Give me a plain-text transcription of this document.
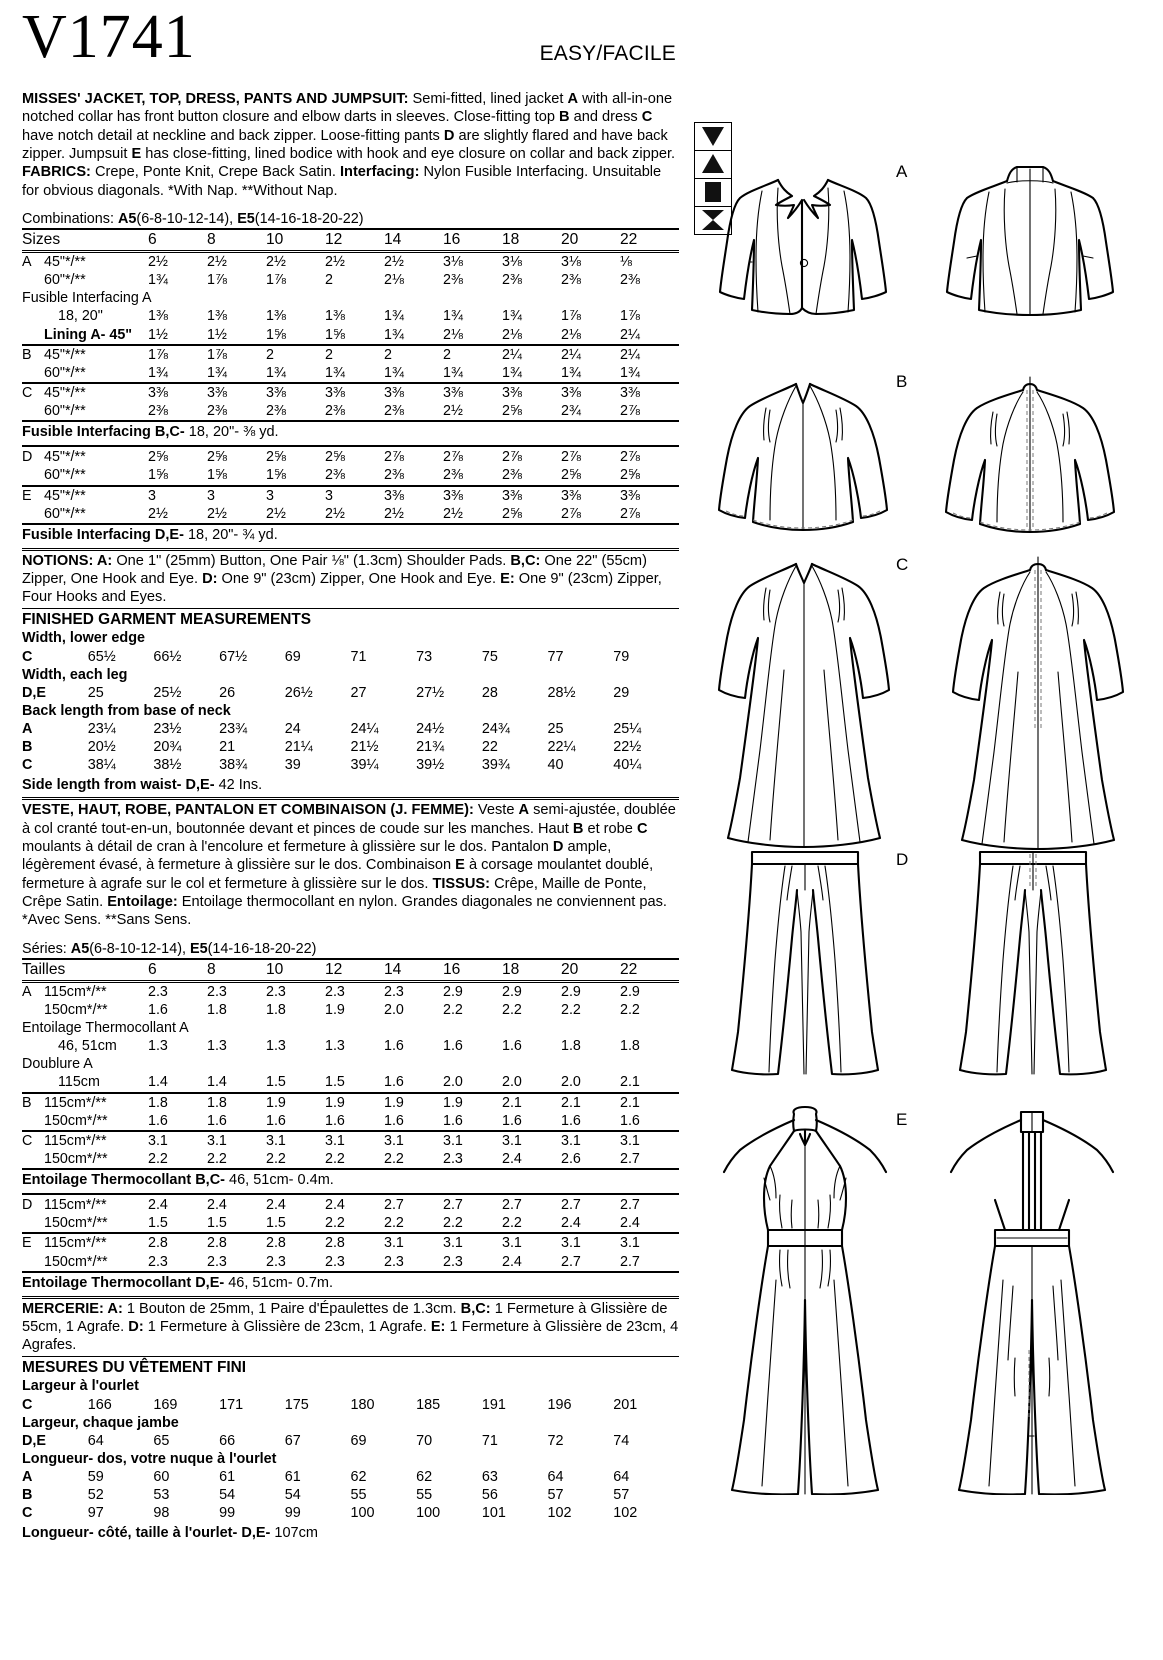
V1741	EASY/FACILE

MISSES' JACKET, TOP, DRESS, PANTS AND JUMPSUIT: Semi-fitted, lined jacket A with all-in-one notched collar has front button closure and elbow darts in sleeves. Close-fitting top B and dress C have notch detail at neckline and back zipper. Loose-fitting pants D are slightly flared and have back zipper. Jumpsuit E has close-fitting, lined bodice with hook and eye closure on collar and back zipper. FABRICS: Crepe, Ponte Knit, Crepe Back Satin. Interfacing: Nylon Fusible Interfacing. Unsuitable for obvious diagonals. *With Nap. **Without Nap.

Combinations: A5(6-8-10-12-14), E5(14-16-18-20-22)										
Sizes		6	8	10	12	14	16	18	20	22
A	45"*/**	2½	2½	2½	2½	2½	3⅛	3⅛	3⅛	⅛
	60"*/**	1¾	1⅞	1⅞	2	2⅛	2⅜	2⅜	2⅜	2⅜
Fusible Interfacing A										
	18, 20"	1⅜	1⅜	1⅜	1⅜	1¾	1¾	1¾	1⅞	1⅞
	Lining A- 45"	1½	1½	1⅝	1⅝	1¾	2⅛	2⅛	2⅛	2¼
B	45"*/**	1⅞	1⅞	2	2	2	2	2¼	2¼	2¼
	60"*/**	1¾	1¾	1¾	1¾	1¾	1¾	1¾	1¾	1¾
C	45"*/**	3⅜	3⅜	3⅜	3⅜	3⅜	3⅜	3⅜	3⅜	3⅜
	60"*/**	2⅜	2⅜	2⅜	2⅜	2⅜	2½	2⅝	2¾	2⅞
Fusible Interfacing B,C- 18, 20"- ⅜ yd.
D	45"*/**	2⅝	2⅝	2⅝	2⅝	2⅞	2⅞	2⅞	2⅞	2⅞
	60"*/**	1⅝	1⅝	1⅝	2⅜	2⅜	2⅜	2⅜	2⅝	2⅝
E	45"*/**	3	3	3	3	3⅜	3⅜	3⅜	3⅜	3⅜
	60"*/**	2½	2½	2½	2½	2½	2½	2⅝	2⅞	2⅞
Fusible Interfacing D,E- 18, 20"- ¾ yd.

NOTIONS: A: One 1" (25mm) Button, One Pair ⅛" (1.3cm) Shoulder Pads. B,C: One 22" (55cm) Zipper, One Hook and Eye. D: One 9" (23cm) Zipper, One Hook and Eye. E: One 9" (23cm) Zipper, Four Hooks and Eyes.

FINISHED GARMENT MEASUREMENTS
Width, lower edge									
C	65½	66½	67½	69	71	73	75	77	79
Width, each leg									
D,E	25	25½	26	26½	27	27½	28	28½	29
Back length from base of neck									
A	23¼	23½	23¾	24	24¼	24½	24¾	25	25¼
B	20½	20¾	21	21¼	21½	21¾	22	22¼	22½
C	38¼	38½	38¾	39	39¼	39½	39¾	40	40¼
Side length from waist- D,E- 42 Ins.

VESTE, HAUT, ROBE, PANTALON ET COMBINAISON (J. FEMME): Veste A semi-ajustée, doublée à col cranté tout-en-un, boutonnée devant et pinces de coude sur les manches. Haut B et robe C moulants à détail de cran à l'encolure et fermeture à glissière sur le dos. Pantalon D ample, légèrement évasé, à fermeture à glissière sur le dos. Combinaison E à corsage moulantet doublé, fermeture à agrafe sur le col et fermeture à glissière sur le dos. TISSUS: Crêpe, Maille de Ponte, Crêpe Satin. Entoilage: Entoilage thermocollant en nylon. Grandes diagonales ne conviennent pas. *Avec Sens. **Sans Sens.

Séries: A5(6-8-10-12-14), E5(14-16-18-20-22)										
Tailles		6	8	10	12	14	16	18	20	22
A	115cm*/**	2.3	2.3	2.3	2.3	2.3	2.9	2.9	2.9	2.9
	150cm*/**	1.6	1.8	1.8	1.9	2.0	2.2	2.2	2.2	2.2
Entoilage Thermocollant A										
	46, 51cm	1.3	1.3	1.3	1.3	1.6	1.6	1.6	1.8	1.8
Doublure A										
	115cm	1.4	1.4	1.5	1.5	1.6	2.0	2.0	2.0	2.1
B	115cm*/**	1.8	1.8	1.9	1.9	1.9	1.9	2.1	2.1	2.1
	150cm*/**	1.6	1.6	1.6	1.6	1.6	1.6	1.6	1.6	1.6
C	115cm*/**	3.1	3.1	3.1	3.1	3.1	3.1	3.1	3.1	3.1
	150cm*/**	2.2	2.2	2.2	2.2	2.2	2.3	2.4	2.6	2.7
Entoilage Thermocollant B,C- 46, 51cm- 0.4m.
D	115cm*/**	2.4	2.4	2.4	2.4	2.7	2.7	2.7	2.7	2.7
	150cm*/**	1.5	1.5	1.5	2.2	2.2	2.2	2.2	2.4	2.4
E	115cm*/**	2.8	2.8	2.8	2.8	3.1	3.1	3.1	3.1	3.1
	150cm*/**	2.3	2.3	2.3	2.3	2.3	2.3	2.4	2.7	2.7
Entoilage Thermocollant D,E- 46, 51cm- 0.7m.

MERCERIE: A: 1 Bouton de 25mm, 1 Paire d'Épaulettes de 1.3cm. B,C: 1 Fermeture à Glissière de 55cm, 1 Agrafe. D: 1 Fermeture à Glissière de 23cm, 1 Agrafe. E: 1 Fermeture à Glissière de 23cm, 4 Agrafes.

MESURES DU VÊTEMENT FINI
Largeur à l'ourlet									
C	166	169	171	175	180	185	191	196	201
Largeur, chaque jambe									
D,E	64	65	66	67	69	70	71	72	74
Longueur- dos, votre nuque à l'ourlet									
A	59	60	61	61	62	62	63	64	64
B	52	53	54	54	55	55	56	57	57
C	97	98	99	99	100	100	101	102	102
Longueur- côté, taille à l'ourlet- D,E- 107cm
A
B
C
D
E
